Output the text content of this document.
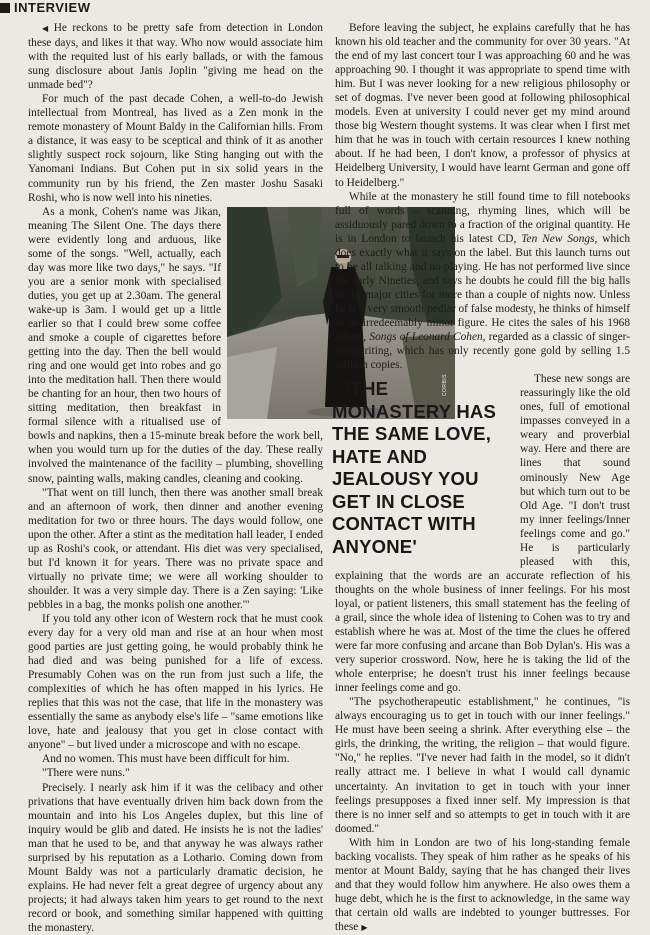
INTERVIEW

◀ He reckons to be pretty safe from detection in London these days, and likes it that way. Who now would associate him with the requited lust of his early ballads, or with the famous sung disclosure about Janis Joplin "giving me head on the unmade bed"?

For much of the past decade Cohen, a well-to-do Jewish intellectual from Montreal, has lived as a Zen monk in the remote monastery of Mount Baldy in the Californian hills. From a distance, it was easy to be sceptical and think of it as another slightly suspect rock sojourn, like Sting hanging out with the Yanomani Indians. But Cohen put in six solid years in the community run by his friend, the Zen master Joshu Sasaki Roshi, who is now well into his nineties.

CORBIS
As a monk, Cohen's name was Jikan, meaning The Silent One. The days there were evidently long and arduous, like some of the songs. "Well, actually, each day was more like two days," he says. "If you are a senior monk with specialised duties, you get up at 2.30am. The general wake-up is 3am. I would get up a little earlier so that I could brew some coffee and smoke a couple of cigarettes before getting into the day. Then the bell would ring and one would get into robes and go into the meditation hall. Then there would be chanting for an hour, then two hours of sitting meditation, then breakfast in formal silence with a ritualised use of bowls and napkins, then a 15-minute break before the work bell, when you would turn up for the duties of the day. These really involved the maintenance of the facility – plumbing, shovelling snow, painting walls, making candles, cleaning and cooking.

"That went on till lunch, then there was another small break and an afternoon of work, then dinner and another evening meditation for two or three hours. The days would follow, one upon the other. After a stint as the meditation hall leader, I ended up as Roshi's cook, or attendant. His diet was very specialised, but I'd known it for years. There was no private space and virtually no private time; we were all working shoulder to shoulder. It was a very simple day. There is a Zen saying: 'Like pebbles in a bag, the monks polish one another.'"

If you told any other icon of Western rock that he must cook every day for a very old man and rise at an hour when most good parties are just getting going, he would probably think he had died and was being punished for a life of excess. Presumably Cohen was on the run from just such a life, the complexities of which he has often mapped in his lyrics. He replies that this was not the case, that life in the monastery was essentially the same as anybody else's life – "same emotions like love, hate and jealousy that you get in close contact with anyone" – but lived under a microscope and with no escape.

And no women. This must have been difficult for him.

"There were nuns."

Precisely. I nearly ask him if it was the celibacy and other privations that have eventually driven him back down from the mountain and into his Los Angeles duplex, but this line of inquiry would be glib and dated. He insists he is not the ladies' man that he used to be, and that anyway he was always rather surprised by his reputation as a Lothario. Coming down from Mount Baldy was not a particularly dramatic decision, he explains. He had never felt a great degree of urgency about any projects; it had always taken him years to get round to the next record or book, and something similar happened with quitting the monastery.

Before leaving the subject, he explains carefully that he has known his old teacher and the community for over 30 years. "At the end of my last concert tour I was approaching 60 and he was approaching 90. I thought it was appropriate to spend time with him. But I was never looking for a new religious philosophy or set of dogmas. I've never been good at following philosophical models. Even at university I could never get my mind around those big Western thought systems. It was clear when I first met him that he was in touch with certain resources I knew nothing about. If he had been, I don't know, a professor of physics at Heidelberg University, I would have learnt German and gone off to Heidelberg."

While at the monastery he still found time to fill notebooks full of words – scanning, rhyming lines, which will be assiduously pared down to a fraction of the original quantity. He is in London to launch his latest CD, Ten New Songs, which does exactly what it says on the label. But this launch turns out to be all talking and no playing. He has not performed live since the early Nineties, and says he doubts he could fill the big halls of the major cities for more than a couple of nights now. Unless he is a very smooth pedlar of false modesty, he thinks of himself as an irredeemably minor figure. He cites the sales of his 1968 album, Songs of Leonard Cohen, regarded as a classic of singer-songwriting, which has only recently gone gold by selling 1.5 million copies.

'THE MONASTERY HAS THE SAME LOVE, HATE AND JEALOUSY YOU GET IN CLOSE CONTACT WITH ANYONE'
These new songs are reassuringly like the old ones, full of emotional impasses conveyed in a weary and proverbial way. Here and there are lines that sound ominously New Age but which turn out to be Old Age. "I don't trust my inner feelings/Inner feelings come and go." He is particularly pleased with this, explaining that the words are an accurate reflection of his thoughts on the whole business of inner feelings. For his most loyal, or patient listeners, this small statement has the feeling of a grail, since the whole idea of listening to Cohen was to try and establish where he was at. Most of the time the clues he offered were far more confusing and arcane than Bob Dylan's. His was a very superior crossword. Now, here he is taking the lid of the whole enterprise; he doesn't trust his inner feelings because inner feelings come and go.

"The psychotherapeutic establishment," he continues, "is always encouraging us to get in touch with our inner feelings." He must have been seeing a shrink. After everything else – the girls, the drinking, the writing, the religion – that would figure. "No," he replies. "I've never had faith in the model, so it didn't really attract me. I believe in what I would call dynamic uncertainty. An invitation to get in touch with your inner feelings presupposes a fixed inner self. My impression is that there is no inner self and so attempts to get in touch with it are doomed."

With him in London are two of his long-standing female backing vocalists. They speak of him rather as he speaks of his mentor at Mount Baldy, saying that he has changed their lives and that they would follow him anywhere. He also owes them a huge debt, which he is the first to acknowledge, in the same way that certain old walls are indebted to younger buttresses. For these ▶
